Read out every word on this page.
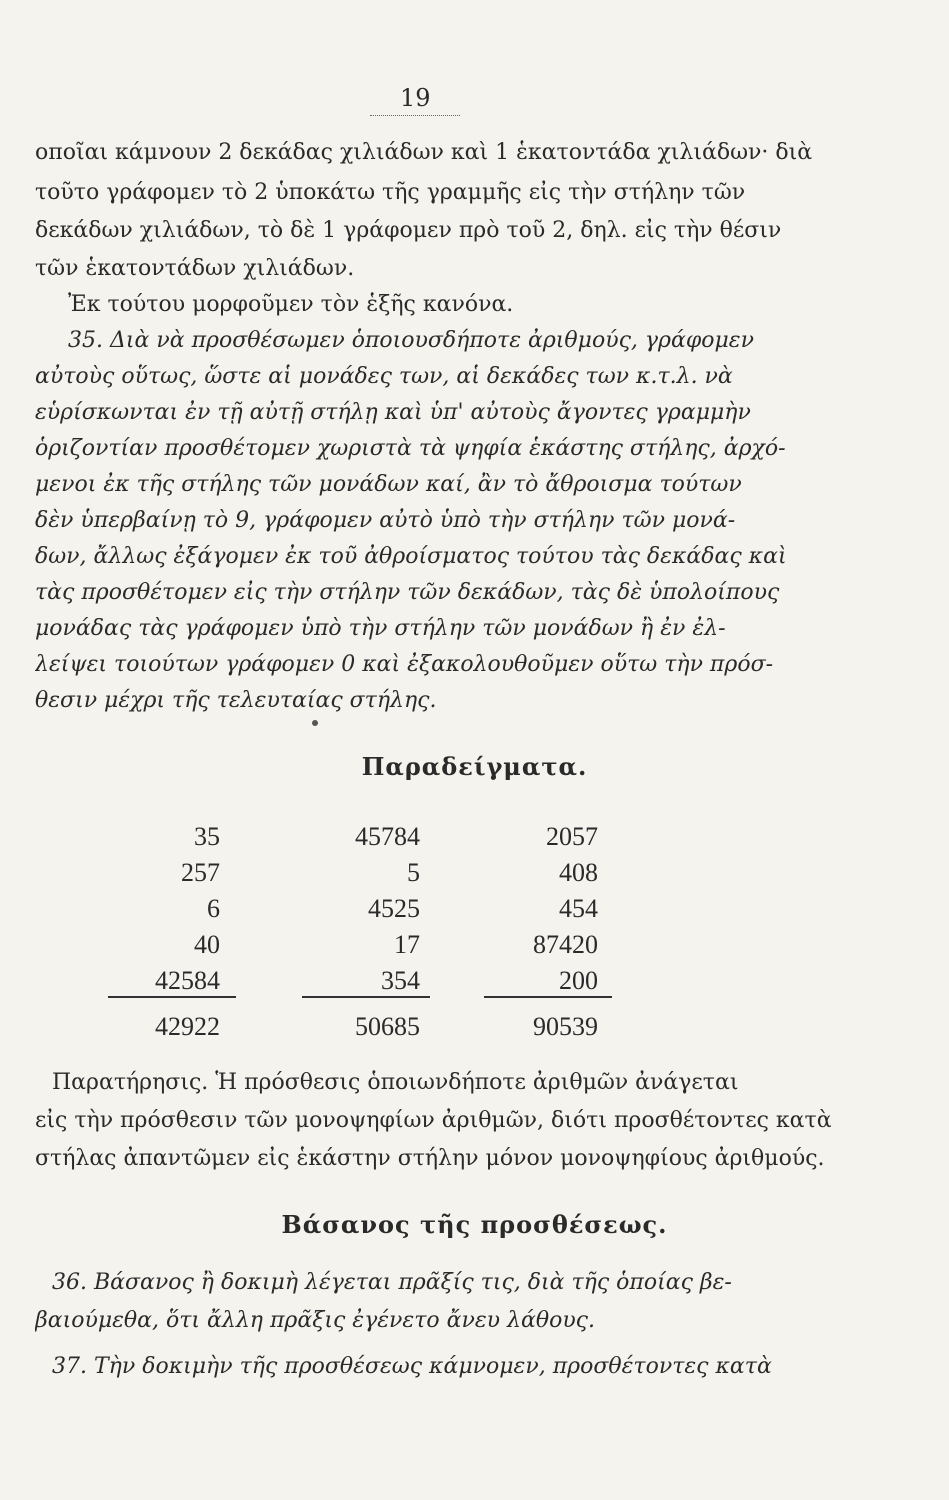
19
οποῖαι κάμνουν 2 δεκάδας χιλιάδων καὶ 1 ἑκατοντάδα χιλιάδων· διὰ
τοῦτο γράφομεν τὸ 2 ὑποκάτω τῆς γραμμῆς εἰς τὴν στήλην τῶν
δεκάδων χιλιάδων, τὸ δὲ 1 γράφομεν πρὸ τοῦ 2, δηλ. εἰς τὴν θέσιν
τῶν ἑκατοντάδων χιλιάδων.
Ἐκ τούτου μορφοῦμεν τὸν ἑξῆς κανόνα.
35. Διὰ νὰ προσθέσωμεν ὁποιουσδήποτε ἀριθμούς, γράφομεν
αὐτοὺς οὕτως, ὥστε αἱ μονάδες των, αἱ δεκάδες των κ.τ.λ. νὰ
εὑρίσκωνται ἐν τῇ αὐτῇ στήλῃ καὶ ὑπ' αὐτοὺς ἄγοντες γραμμὴν
ὁριζοντίαν προσθέτομεν χωριστὰ τὰ ψηφία ἑκάστης στήλης, ἀρχό-
μενοι ἐκ τῆς στήλης τῶν μονάδων καί, ἂν τὸ ἄθροισμα τούτων
δὲν ὑπερβαίνῃ τὸ 9, γράφομεν αὐτὸ ὑπὸ τὴν στήλην τῶν μονά-
δων, ἄλλως ἐξάγομεν ἐκ τοῦ ἀθροίσματος τούτου τὰς δεκάδας καὶ
τὰς προσθέτομεν εἰς τὴν στήλην τῶν δεκάδων, τὰς δὲ ὑπολοίπους
μονάδας τὰς γράφομεν ὑπὸ τὴν στήλην τῶν μονάδων ἢ ἐν ἐλ-
λείψει τοιούτων γράφομεν 0 καὶ ἐξακολουθοῦμεν οὕτω τὴν πρόσ-
θεσιν μέχρι τῆς τελευταίας στήλης.
Παραδείγματα.
35
257
6
40
42584
42922
45784
5
4525
17
354
50685
2057
408
454
87420
200
90539
Παρατήρησις. Ἡ πρόσθεσις ὁποιωνδήποτε ἀριθμῶν ἀνάγεται
εἰς τὴν πρόσθεσιν τῶν μονοψηφίων ἀριθμῶν, διότι προσθέτοντες κατὰ
στήλας ἀπαντῶμεν εἰς ἑκάστην στήλην μόνον μονοψηφίους ἀριθμούς.
Βάσανος τῆς προσθέσεως.
36. Βάσανος ἢ δοκιμὴ λέγεται πρᾶξίς τις, διὰ τῆς ὁποίας βε-
βαιούμεθα, ὅτι ἄλλη πρᾶξις ἐγένετο ἄνευ λάθους.
37. Τὴν δοκιμὴν τῆς προσθέσεως κάμνομεν, προσθέτοντες κατὰ
